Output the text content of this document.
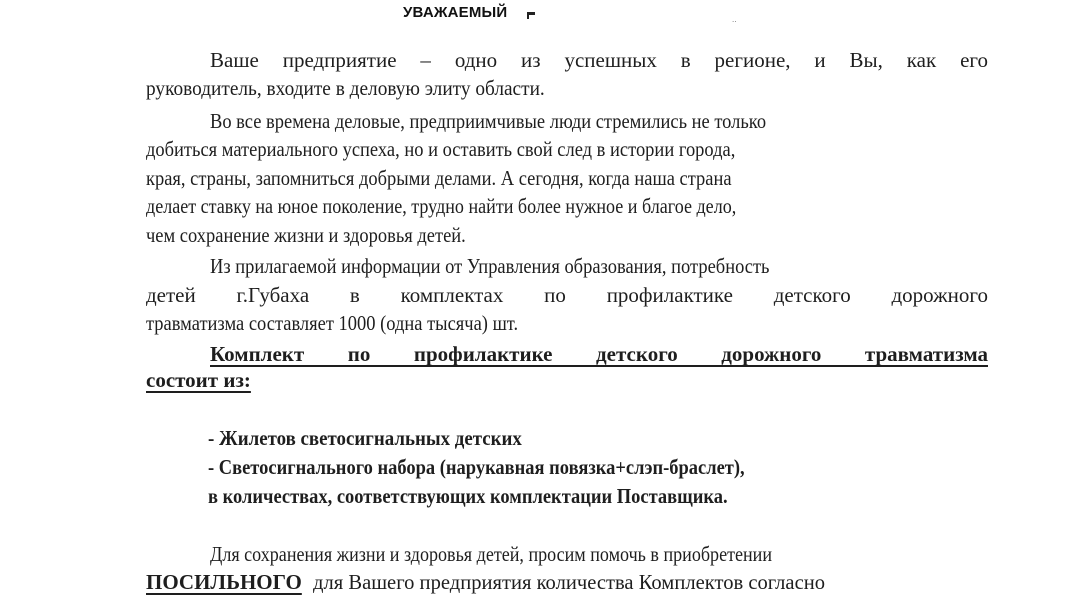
УВАЖАЕМЫЙ	..
Ваше предприятие – одно из успешных в регионе, и Вы, как его
руководитель, входите в деловую элиту области.
Во все времена деловые, предприимчивые люди стремились не только
добиться материального успеха, но и оставить свой след в истории города,
края, страны, запомниться добрыми делами. А сегодня, когда наша страна
делает ставку на юное поколение, трудно найти более нужное и благое дело,
чем сохранение жизни и здоровья детей.
Из прилагаемой информации от Управления образования, потребность
детей г.Губаха в комплектах по профилактике детского дорожного
травматизма составляет 1000 (одна тысяча) шт.
Комплект по профилактике детского дорожного травматизма
состоит из:
- Жилетов светосигнальных детских
- Светосигнального набора (нарукавная повязка+слэп-браслет),
в количествах, соответствующих комплектации Поставщика.
Для сохранения жизни и здоровья детей, просим помочь в приобретении
ПОСИЛЬНОГО для Вашего предприятия количества Комплектов согласно
